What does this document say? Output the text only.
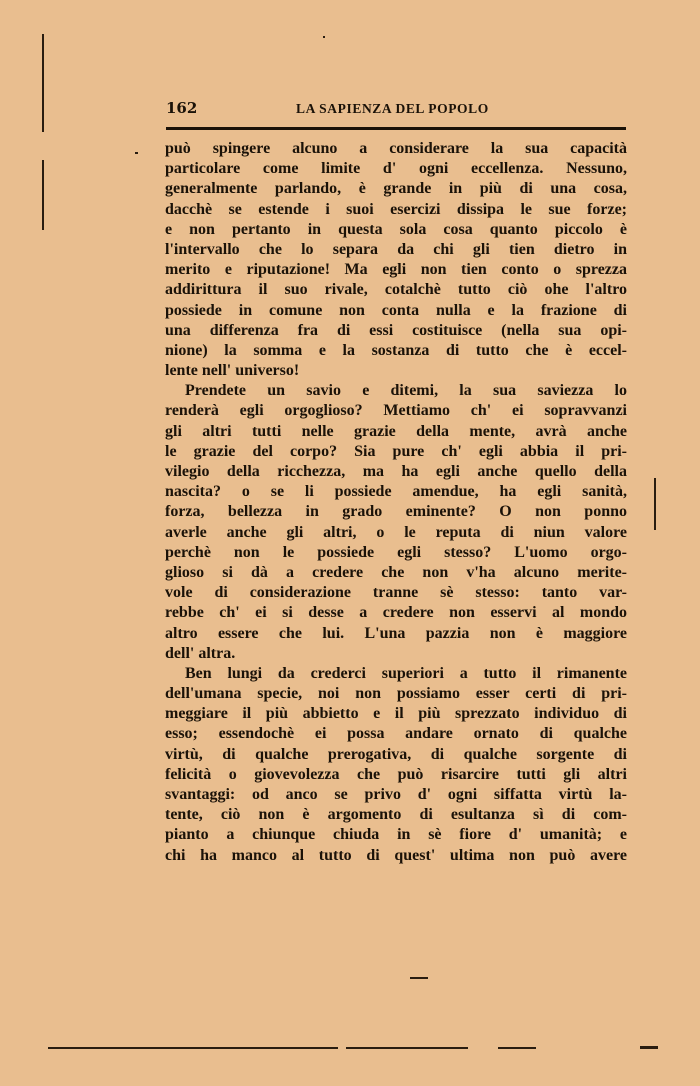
162	LA SAPIENZA DEL POPOLO
può spingere alcuno a considerare la sua capacità
particolare come limite d' ogni eccellenza. Nessuno,
generalmente parlando, è grande in più di una cosa,
dacchè se estende i suoi esercizi dissipa le sue forze;
e non pertanto in questa sola cosa quanto piccolo è
l'intervallo che lo separa da chi gli tien dietro in
merito e riputazione! Ma egli non tien conto o sprezza
addirittura il suo rivale, cotalchè tutto ciò ohe l'altro
possiede in comune non conta nulla e la frazione di
una differenza fra di essi costituisce (nella sua opi-
nione) la somma e la sostanza di tutto che è eccel-
lente nell' universo!
Prendete un savio e ditemi, la sua saviezza lo
renderà egli orgoglioso? Mettiamo ch' ei sopravvanzi
gli altri tutti nelle grazie della mente, avrà anche
le grazie del corpo? Sia pure ch' egli abbia il pri-
vilegio della ricchezza, ma ha egli anche quello della
nascita? o se li possiede amendue, ha egli sanità,
forza, bellezza in grado eminente? O non ponno
averle anche gli altri, o le reputa di niun valore
perchè non le possiede egli stesso? L'uomo orgo-
glioso si dà a credere che non v'ha alcuno merite-
vole di considerazione tranne sè stesso: tanto var-
rebbe ch' ei si desse a credere non esservi al mondo
altro essere che lui. L'una pazzia non è maggiore
dell' altra.
Ben lungi da crederci superiori a tutto il rimanente
dell'umana specie, noi non possiamo esser certi di pri-
meggiare il più abbietto e il più sprezzato individuo di
esso; essendochè ei possa andare ornato di qualche
virtù, di qualche prerogativa, di qualche sorgente di
felicità o giovevolezza che può risarcire tutti gli altri
svantaggi: od anco se privo d' ogni siffatta virtù la-
tente, ciò non è argomento di esultanza sì di com-
pianto a chiunque chiuda in sè fiore d' umanità; e
chi ha manco al tutto di quest' ultima non può avere
